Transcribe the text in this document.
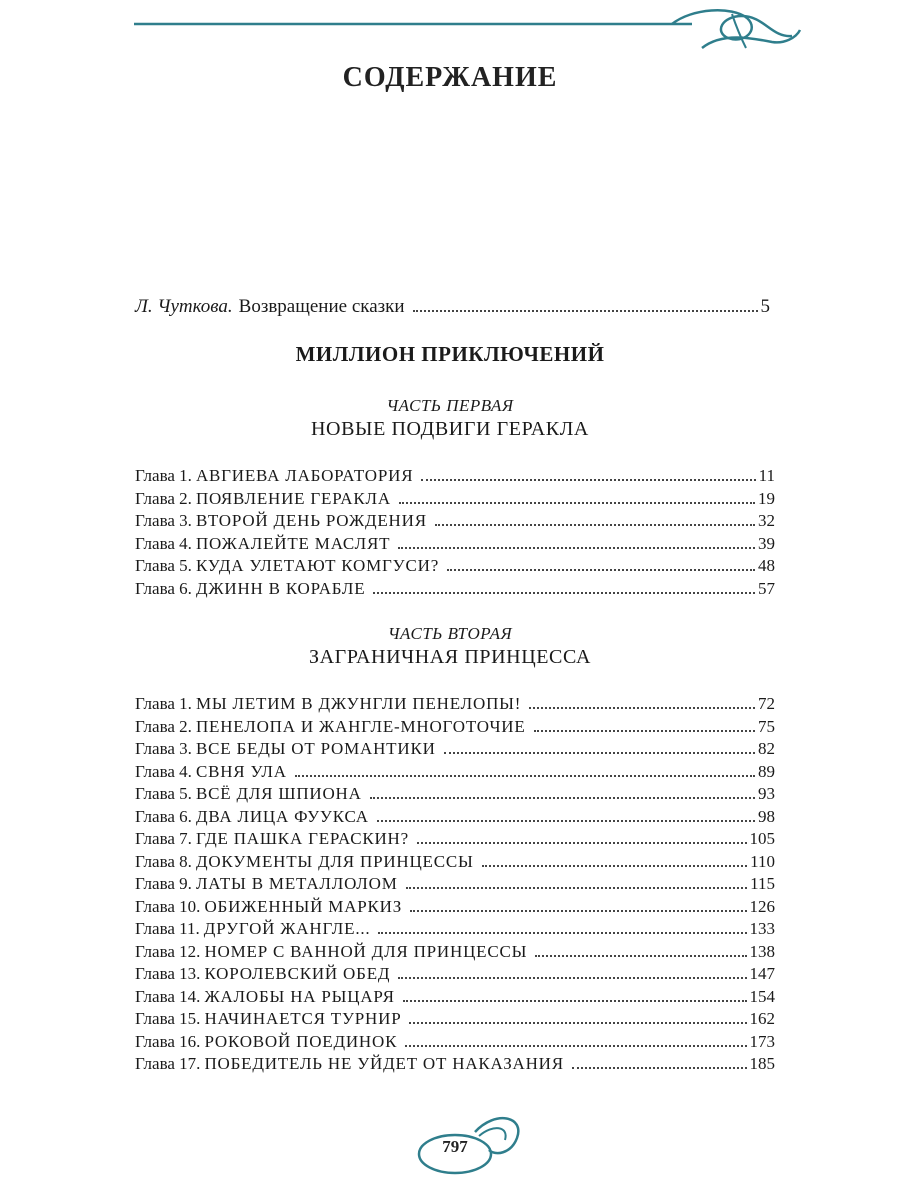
СОДЕРЖАНИЕ
Л. Чуткова. Возвращение сказки	5
МИЛЛИОН ПРИКЛЮЧЕНИЙ
ЧАСТЬ ПЕРВАЯ
НОВЫЕ ПОДВИГИ ГЕРАКЛА
Глава 1. АВГИЕВА ЛАБОРАТОРИЯ	11
Глава 2. ПОЯВЛЕНИЕ ГЕРАКЛА	19
Глава 3. ВТОРОЙ ДЕНЬ РОЖДЕНИЯ	32
Глава 4. ПОЖАЛЕЙТЕ МАСЛЯТ	39
Глава 5. КУДА УЛЕТАЮТ КОМГУСИ?	48
Глава 6. ДЖИНН В КОРАБЛЕ	57
ЧАСТЬ ВТОРАЯ
ЗАГРАНИЧНАЯ ПРИНЦЕССА
Глава 1. МЫ ЛЕТИМ В ДЖУНГЛИ ПЕНЕЛОПЫ!	72
Глава 2. ПЕНЕЛОПА И ЖАНГЛЕ-МНОГОТОЧИЕ	75
Глава 3. ВСЕ БЕДЫ ОТ РОМАНТИКИ	82
Глава 4. СВНЯ УЛА	89
Глава 5. ВСЁ ДЛЯ ШПИОНА	93
Глава 6. ДВА ЛИЦА ФУУКСА	98
Глава 7. ГДЕ ПАШКА ГЕРАСКИН?	105
Глава 8. ДОКУМЕНТЫ ДЛЯ ПРИНЦЕССЫ	110
Глава 9. ЛАТЫ В МЕТАЛЛОЛОМ	115
Глава 10. ОБИЖЕННЫЙ МАРКИЗ	126
Глава 11. ДРУГОЙ ЖАНГЛЕ...	133
Глава 12. НОМЕР С ВАННОЙ ДЛЯ ПРИНЦЕССЫ	138
Глава 13. КОРОЛЕВСКИЙ ОБЕД	147
Глава 14. ЖАЛОБЫ НА РЫЦАРЯ	154
Глава 15. НАЧИНАЕТСЯ ТУРНИР	162
Глава 16. РОКОВОЙ ПОЕДИНОК	173
Глава 17. ПОБЕДИТЕЛЬ НЕ УЙДЕТ ОТ НАКАЗАНИЯ	185
797
